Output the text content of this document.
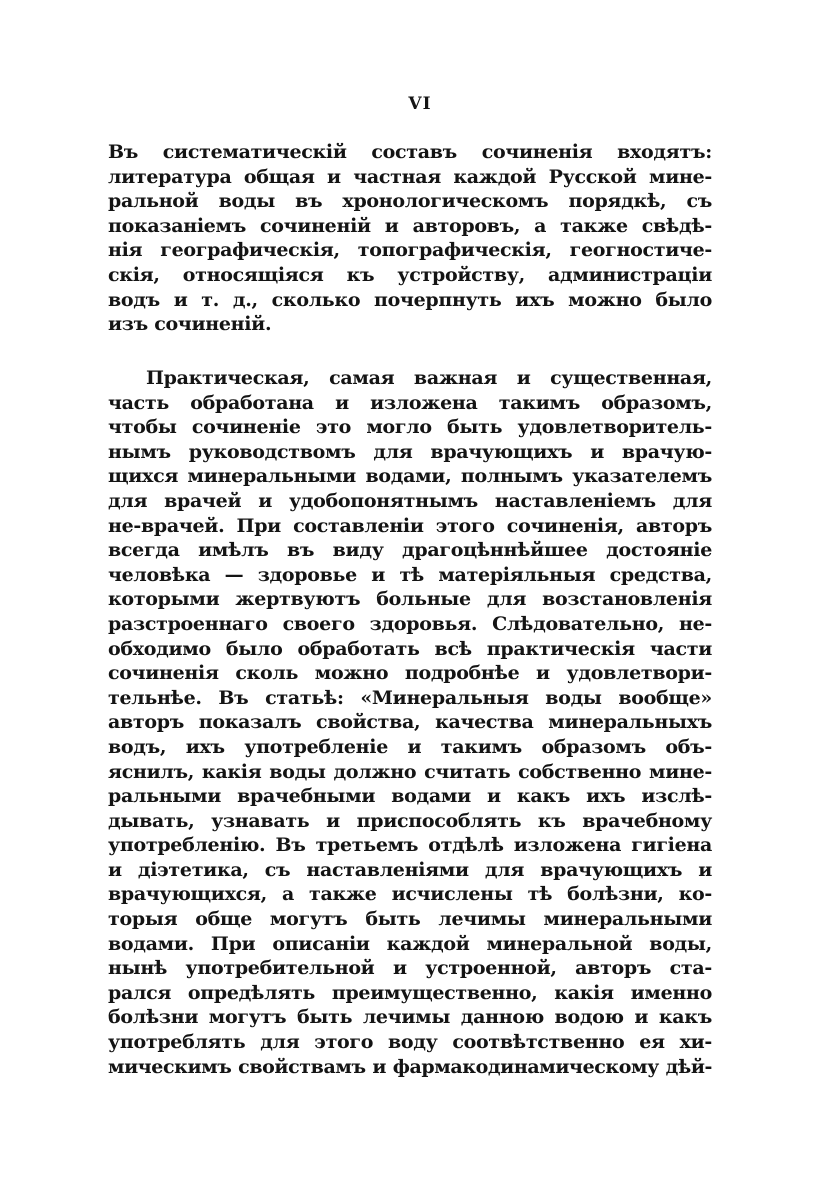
VI
Въ систематическій составъ сочиненія входятъ:
литература общая и частная каждой Русской мине-
ральной воды въ хронологическомъ порядкѣ, съ
показаніемъ сочиненій и авторовъ, а также свѣдѣ-
нія географическія, топографическія, геогностиче-
скія, относящіяся къ устройству, администраціи
водъ и т. д., сколько почерпнуть ихъ можно было
изъ сочиненій.
Практическая, самая важная и существенная,
часть обработана и изложена такимъ образомъ,
чтобы сочиненіе это могло быть удовлетворитель-
нымъ руководствомъ для врачующихъ и врачую-
щихся минеральными водами, полнымъ указателемъ
для врачей и удобопонятнымъ наставленіемъ для
не-врачей. При составленіи этого сочиненія, авторъ
всегда имѣлъ въ виду драгоцѣннѣйшее достояніе
человѣка — здоровье и тѣ матеріяльныя средства,
которыми жертвуютъ больные для возстановленія
разстроеннаго своего здоровья. Слѣдовательно, не-
обходимо было обработать всѣ практическія части
сочиненія сколь можно подробнѣе и удовлетвори-
тельнѣе. Въ статьѣ: «Минеральныя воды вообще»
авторъ показалъ свойства, качества минеральныхъ
водъ, ихъ употребленіе и такимъ образомъ объ-
яснилъ, какія воды должно считать собственно мине-
ральными врачебными водами и какъ ихъ изслѣ-
дывать, узнавать и приспособлять къ врачебному
употребленію. Въ третьемъ отдѣлѣ изложена гигіена
и діэтетика, съ наставленіями для врачующихъ и
врачующихся, а также исчислены тѣ болѣзни, ко-
торыя обще могутъ быть лечимы минеральными
водами. При описаніи каждой минеральной воды,
нынѣ употребительной и устроенной, авторъ ста-
рался опредѣлять преимущественно, какія именно
болѣзни могутъ быть лечимы данною водою и какъ
употреблять для этого воду соотвѣтственно ея хи-
мическимъ свойствамъ и фармакодинамическому дѣй-
